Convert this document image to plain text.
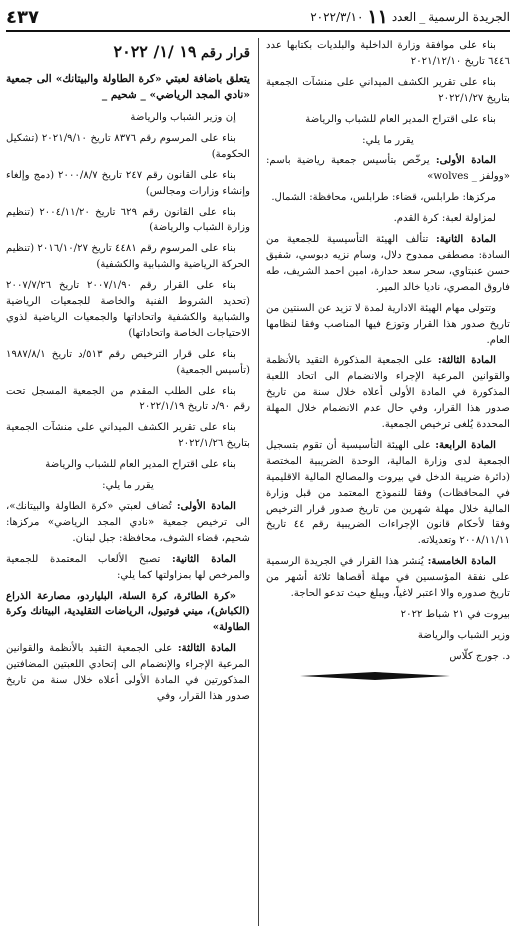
الجريدة الرسمية
_
العدد
١١
٢٠٢٢/٣/١٠
٤٣٧

بناء على موافقة وزارة الداخلية والبلديات بكتابها عدد ٦٤٤٦ تاريخ ٢٠٢١/١٢/١٠

بناء على تقرير الكشف الميداني على منشآت الجمعية بتاريخ ٢٠٢٢/١/٢٧

بناء على اقتراح المدير العام للشباب والرياضة

يقرر ما يلي:

المادة الأولى: يرخّص بتأسيس جمعية رياضية باسم: «وولفز _ wolves»

مركزها: طرابلس، قضاء: طرابلس، محافظة: الشمال.

لمزاولة لعبة: كرة القدم.

المادة الثانية: تتألف الهيئة التأسيسية للجمعية من السادة: مصطفى ممدوح دلال، وسام نزيه دبوسي، شفيق حسن عنبتاوي، سحر سعد حدارة، امين احمد الشريف، طه فاروق المصري، ناديا خالد المير.

وتتولى مهام الهيئة الادارية لمدة لا تزيد عن السنتين من تاريخ صدور هذا القرار وتوزع فيها المناصب وفقا لنظامها العام.

المادة الثالثة: على الجمعية المذكورة التقيد بالأنظمة والقوانين المرعية الإجراء والانضمام الى اتحاد اللعبة المذكورة في المادة الأولى أعلاه خلال سنة من تاريخ صدور هذا القرار، وفي حال عدم الانضمام خلال المهلة المحددة يُلغى ترخيص الجمعية.

المادة الرابعة: على الهيئة التأسيسية أن تقوم بتسجيل الجمعية لدى وزارة المالية، الوحدة الضريبية المختصة (دائرة ضريبة الدخل في بيروت والمصالح المالية الاقليمية في المحافظات) وفقا للنموذج المعتمد من قبل وزارة المالية خلال مهلة شهرين من تاريخ صدور قرار الترخيص وفقا لأحكام قانون الإجراءات الضريبية رقم ٤٤ تاريخ ٢٠٠٨/١١/١١ وتعديلاته.

المادة الخامسة: يُنشر هذا القرار في الجريدة الرسمية على نفقة المؤسسين في مهلة أقصاها ثلاثة أشهر من تاريخ صدوره والا اعتبر لاغياً، ويبلغ حيث تدعو الحاجة.

بيروت في ٢١ شباط ٢٠٢٢

وزير الشباب والرياضة

د. جورج كلّاس

قرار رقم ١٩ /١/ ٢٠٢٢
يتعلق باضافة لعبتي «كرة الطاولة والبيتانك» الى جمعية «نادي المجد الرياضي» _ شحيم _

إن وزير الشباب والرياضة

بناء على المرسوم رقم ٨٣٧٦ تاريخ ٢٠٢١/٩/١٠ (تشكيل الحكومة)

بناء على القانون رقم ٢٤٧ تاريخ ٢٠٠٠/٨/٧ (دمج وإلغاء وإنشاء وزارات ومجالس)

بناء على القانون رقم ٦٢٩ تاريخ ٢٠٠٤/١١/٢٠ (تنظيم وزارة الشباب والرياضة)

بناء على المرسوم رقم ٤٤٨١ تاريخ ٢٠١٦/١٠/٢٧ (تنظيم الحركة الرياضية والشبابية والكشفية)

بناء على القرار رقم ٢٠٠٧/١/٩٠ تاريخ ٢٠٠٧/٧/٢٦ (تحديد الشروط الفنية والخاصة للجمعيات الرياضية والشبابية والكشفية واتحاداتها والجمعيات الرياضية لذوي الاحتياجات الخاصة واتحاداتها)

بناء على قرار الترخيص رقم ٥١٣/د تاريخ ١٩٨٧/٨/١ (تأسيس الجمعية)

بناء على الطلب المقدم من الجمعية المسجل تحت رقم ٩٠/د تاريخ ٢٠٢٢/١/١٩

بناء على تقرير الكشف الميداني على منشآت الجمعية بتاريخ ٢٠٢٢/١/٢٦

بناء على اقتراح المدير العام للشباب والرياضة

يقرر ما يلي:

المادة الأولى: تُضاف لعبتي «كرة الطاولة والبيتانك»، الى ترخيص جمعية «نادي المجد الرياضي» مركزها: شحيم، قضاء الشوف، محافظة: جبل لبنان.

المادة الثانية: تصبح الألعاب المعتمدة للجمعية والمرخص لها بمزاولتها كما يلي:

«كرة الطائرة، كرة السلة، البلياردو، مصارعة الذراع (الكباش)، ميني فوتبول، الرياضات التقليدية، البيتانك وكرة الطاولة»

المادة الثالثة: على الجمعية التقيد بالأنظمة والقوانين المرعية الإجراء والإنضمام الى إتحادي اللعبتين المضافتين المذكورتين في المادة الأولى أعلاه خلال سنة من تاريخ صدور هذا القرار، وفي
